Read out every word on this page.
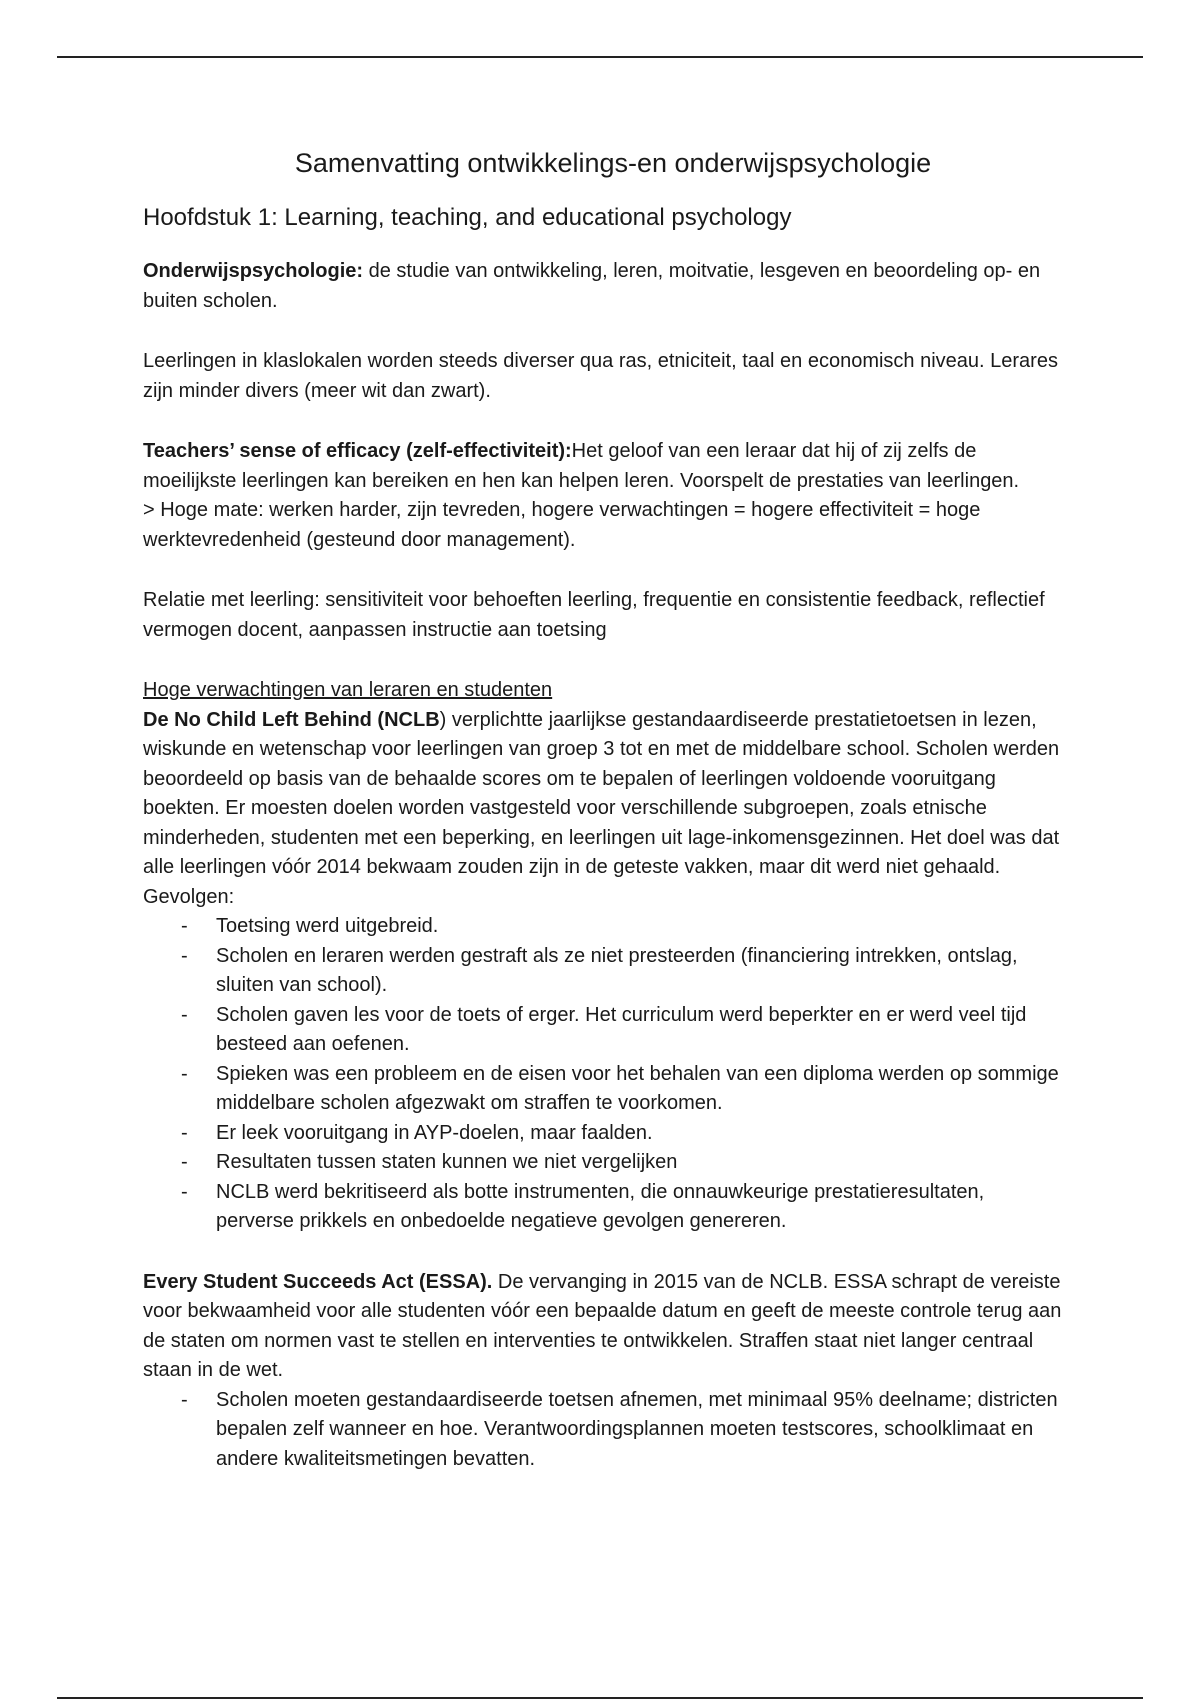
Samenvatting ontwikkelings-en onderwijspsychologie
Hoofdstuk 1: Learning, teaching, and educational psychology

Onderwijspsychologie: de studie van ontwikkeling, leren, moitvatie, lesgeven en beoordeling op- en buiten scholen.

Leerlingen in klaslokalen worden steeds diverser qua ras, etniciteit, taal en economisch niveau. Lerares zijn minder divers (meer wit dan zwart).

Teachers’ sense of efficacy (zelf-effectiviteit):Het geloof van een leraar dat hij of zij zelfs de moeilijkste leerlingen kan bereiken en hen kan helpen leren. Voorspelt de prestaties van leerlingen.

> Hoge mate: werken harder, zijn tevreden, hogere verwachtingen = hogere effectiviteit = hoge werktevredenheid (gesteund door management).

Relatie met leerling: sensitiviteit voor behoeften leerling, frequentie en consistentie feedback, reflectief vermogen docent, aanpassen instructie aan toetsing

Hoge verwachtingen van leraren en studenten

De No Child Left Behind (NCLB) verplichtte jaarlijkse gestandaardiseerde prestatietoetsen in lezen, wiskunde en wetenschap voor leerlingen van groep 3 tot en met de middelbare school. Scholen werden beoordeeld op basis van de behaalde scores om te bepalen of leerlingen voldoende vooruitgang boekten. Er moesten doelen worden vastgesteld voor verschillende subgroepen, zoals etnische minderheden, studenten met een beperking, en leerlingen uit lage-inkomensgezinnen. Het doel was dat alle leerlingen vóór 2014 bekwaam zouden zijn in de geteste vakken, maar dit werd niet gehaald. Gevolgen:

- Toetsing werd uitgebreid.
- Scholen en leraren werden gestraft als ze niet presteerden (financiering intrekken, ontslag, sluiten van school).
- Scholen gaven les voor de toets of erger. Het curriculum werd beperkter en er werd veel tijd besteed aan oefenen.
- Spieken was een probleem en de eisen voor het behalen van een diploma werden op sommige middelbare scholen afgezwakt om straffen te voorkomen.
- Er leek vooruitgang in AYP-doelen, maar faalden.
- Resultaten tussen staten kunnen we niet vergelijken
- NCLB werd bekritiseerd als botte instrumenten, die onnauwkeurige prestatieresultaten, perverse prikkels en onbedoelde negatieve gevolgen genereren.

Every Student Succeeds Act (ESSA). De vervanging in 2015 van de NCLB. ESSA schrapt de vereiste voor bekwaamheid voor alle studenten vóór een bepaalde datum en geeft de meeste controle terug aan de staten om normen vast te stellen en interventies te ontwikkelen. Straffen staat niet langer centraal staan in de wet.

- Scholen moeten gestandaardiseerde toetsen afnemen, met minimaal 95% deelname; districten bepalen zelf wanneer en hoe. Verantwoordingsplannen moeten testscores, schoolklimaat en andere kwaliteitsmetingen bevatten.
